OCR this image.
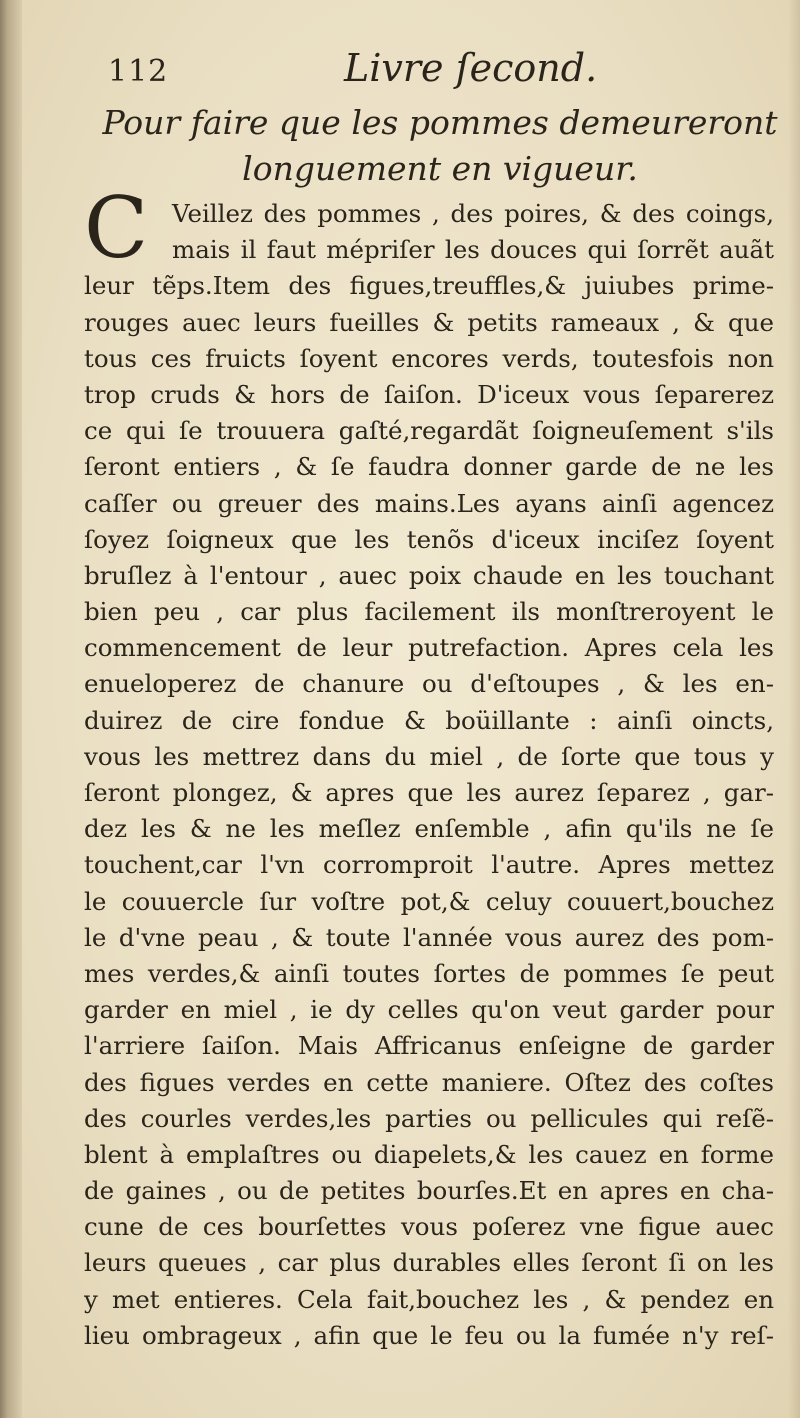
112	Livre ſecond.
Pour faire que les pommes demeureront
longuement en vigueur.
C Veillez des pommes , des poires, & des coings,
mais il faut mépriſer les douces qui ſorrẽt auãt
leur tẽps.Item des figues,treuffles,& juiubes prime-
rouges auec leurs fueilles & petits rameaux , & que
tous ces fruicts ſoyent encores verds, toutesfois non
trop cruds & hors de ſaiſon. D'iceux vous ſeparerez
ce qui ſe trouuera gaſté,regardãt ſoigneuſement s'ils
ſeront entiers , & ſe faudra donner garde de ne les
caſſer ou greuer des mains.Les ayans ainſi agencez
ſoyez ſoigneux que les tenõs d'iceux inciſez ſoyent
bruſlez à l'entour , auec poix chaude en les touchant
bien peu , car plus facilement ils monſtreroyent le
commencement de leur putrefaction. Apres cela les
enueloperez de chanure ou d'eſtoupes , & les en-
duirez de cire fondue & boüillante : ainſi oincts,
vous les mettrez dans du miel , de ſorte que tous y
ſeront plongez, & apres que les aurez ſeparez , gar-
dez les & ne les meſlez enſemble , afin qu'ils ne ſe
touchent,car l'vn corromproit l'autre. Apres mettez
le couuercle ſur voſtre pot,& celuy couuert,bouchez
le d'vne peau , & toute l'année vous aurez des pom-
mes verdes,& ainſi toutes ſortes de pommes ſe peut
garder en miel , ie dy celles qu'on veut garder pour
l'arriere ſaiſon. Mais Affricanus enſeigne de garder
des figues verdes en cette maniere. Oſtez des coſtes
des courles verdes,les parties ou pellicules qui reſẽ-
blent à emplaſtres ou diapelets,& les cauez en forme
de gaines , ou de petites bourſes.Et en apres en cha-
cune de ces bourſettes vous poſerez vne figue auec
leurs queues , car plus durables elles ſeront ſi on les
y met entieres. Cela fait,bouchez les , & pendez en
lieu ombrageux , afin que le feu ou la fumée n'y reſ-
